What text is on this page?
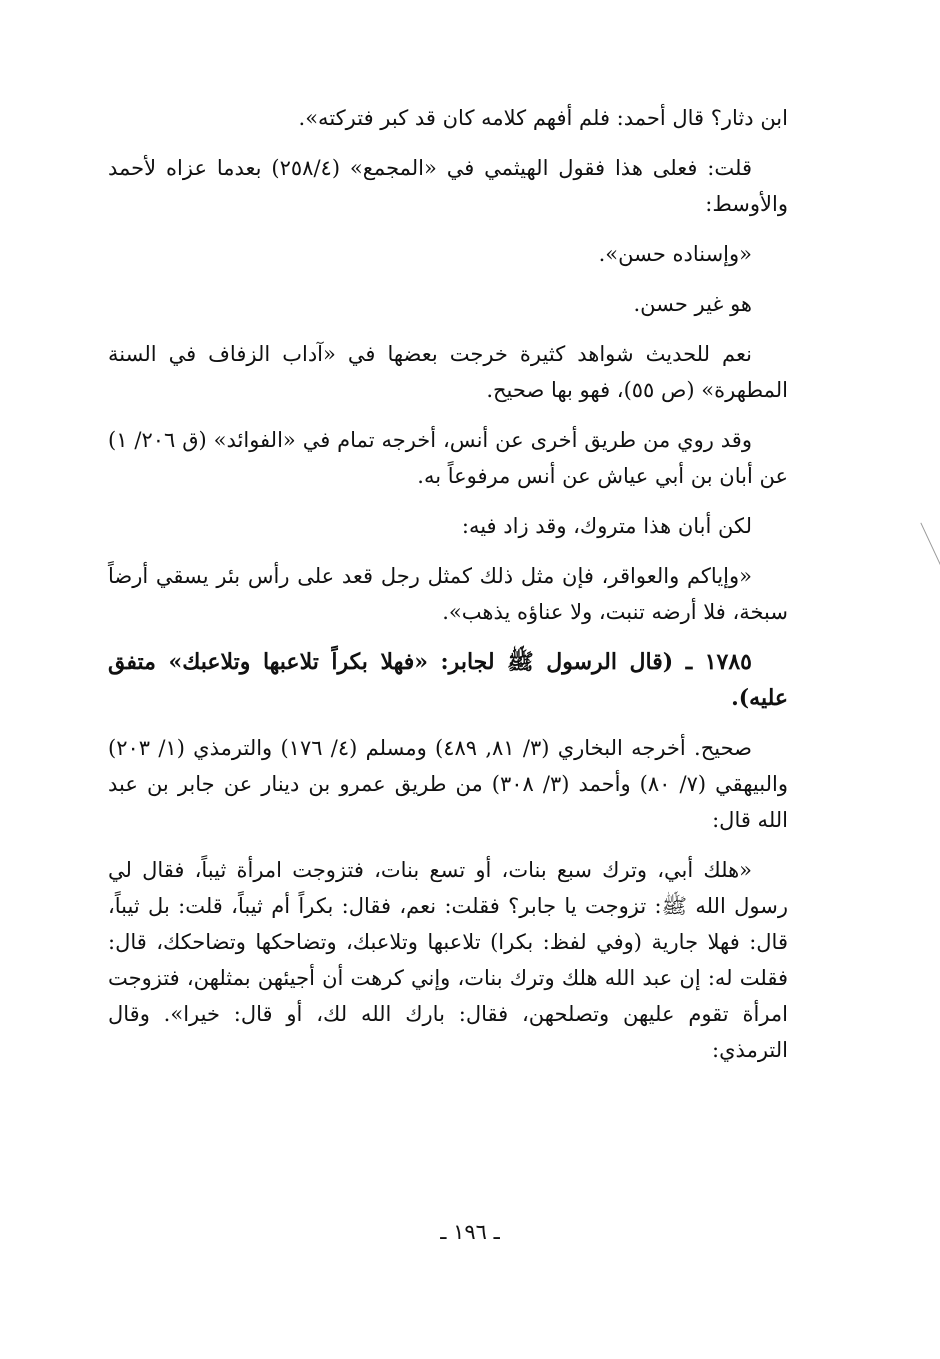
ابن دثار؟ قال أحمد: فلم أفهم كلامه كان قد كبر فتركته».

قلت: فعلى هذا فقول الهيثمي في «المجمع» (٢٥٨/٤) بعدما عزاه لأحمد والأوسط:

«وإسناده حسن».

هو غير حسن.

نعم للحديث شواهد كثيرة خرجت بعضها في «آداب الزفاف في السنة المطهرة» (ص ٥٥)، فهو بها صحيح.

وقد روي من طريق أخرى عن أنس، أخرجه تمام في «الفوائد» (ق ٢٠٦/ ١) عن أبان بن أبي عياش عن أنس مرفوعاً به.

لكن أبان هذا متروك، وقد زاد فيه:

«وإياكم والعواقر، فإن مثل ذلك كمثل رجل قعد على رأس بئر يسقي أرضاً سبخة، فلا أرضه تنبت، ولا عناؤه يذهب».

١٧٨٥ ـ (قال الرسول ﷺ لجابر: «فهلا بكراً تلاعبها وتلاعبك» متفق عليه).

صحيح. أخرجه البخاري (٣/ ٨١, ٤٨٩) ومسلم (٤/ ١٧٦) والترمذي (١/ ٢٠٣) والبيهقي (٧/ ٨٠) وأحمد (٣/ ٣٠٨) من طريق عمرو بن دينار عن جابر بن عبد الله قال:

«هلك أبي، وترك سبع بنات، أو تسع بنات، فتزوجت امرأة ثيباً، فقال لي رسول الله ﷺ: تزوجت يا جابر؟ فقلت: نعم، فقال: بكراً أم ثيباً، قلت: بل ثيباً، قال: فهلا جارية (وفي لفظ: بكرا) تلاعبها وتلاعبك، وتضاحكها وتضاحكك، قال: فقلت له: إن عبد الله هلك وترك بنات، وإني كرهت أن أجيئهن بمثلهن، فتزوجت امرأة تقوم عليهن وتصلحهن، فقال: بارك الله لك، أو قال: خيرا». وقال الترمذي:

ـ ١٩٦ ـ
